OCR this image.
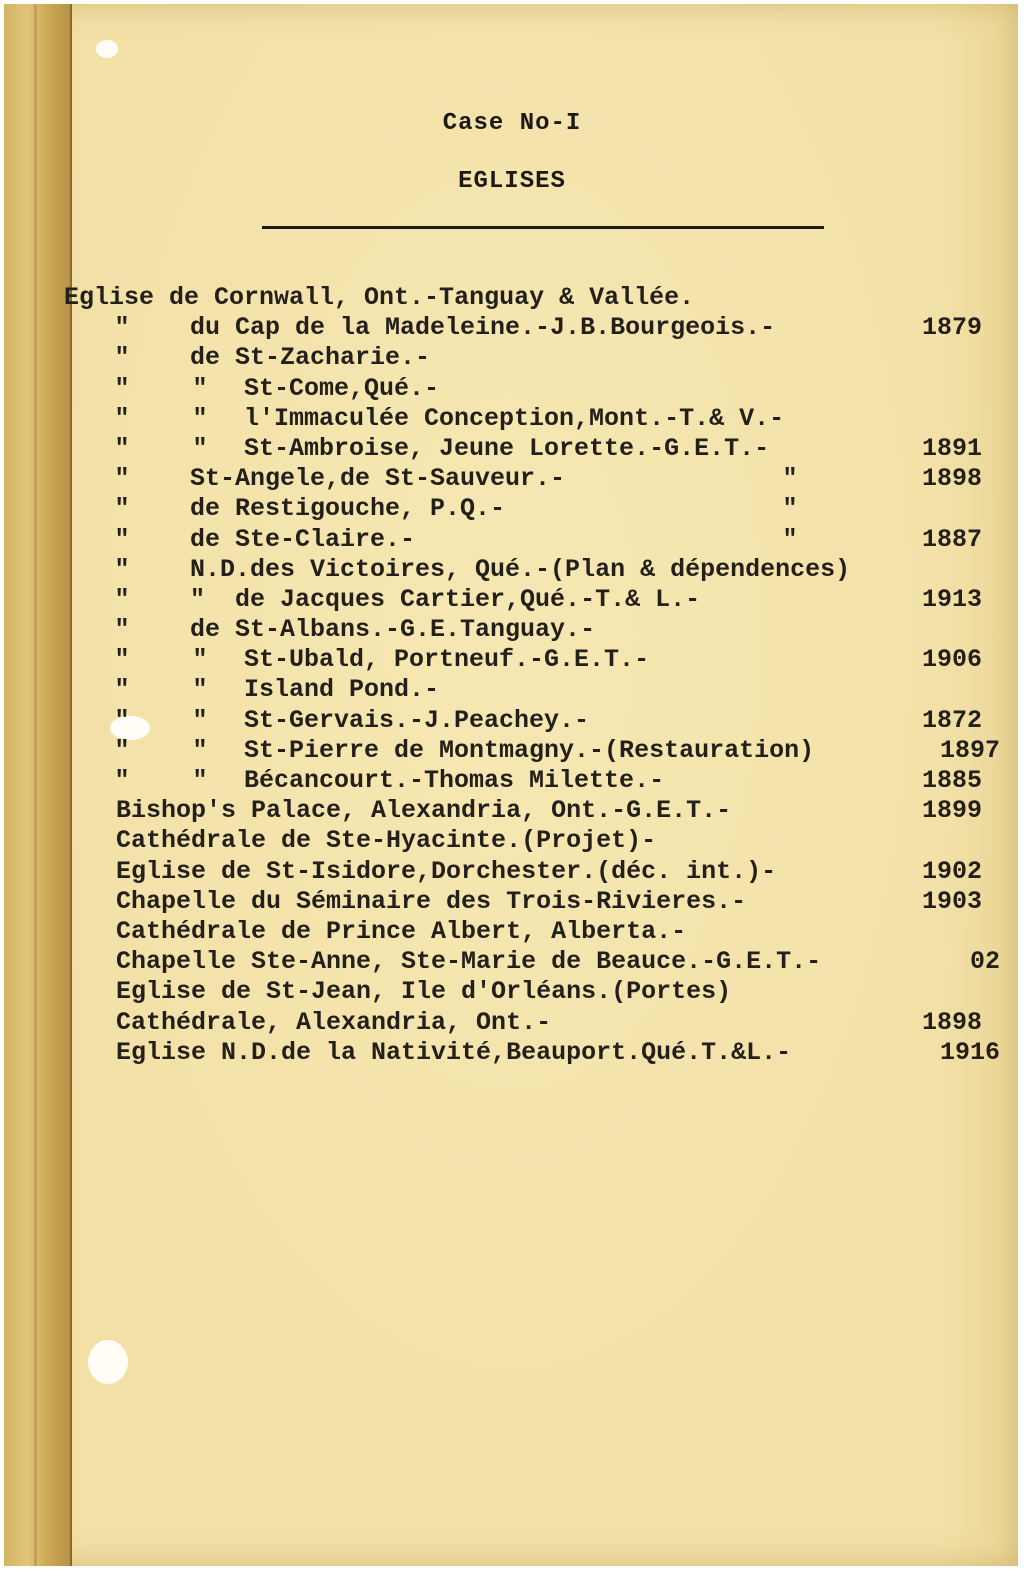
Case No-I
EGLISES
Eglise de Cornwall, Ont.-Tanguay & Vallée.
" du Cap de la Madeleine.-J.B.Bourgeois.-	1879
" de St-Zacharie.-
"	" St-Come,Qué.-
"	" l'Immaculée Conception,Mont.-T.& V.-
"	" St-Ambroise, Jeune Lorette.-G.E.T.-	1891
" St-Angele,de St-Sauveur.-	"	1898
" de Restigouche, P.Q.-	"
" de Ste-Claire.-	"	1887
" N.D.des Victoires, Qué.-(Plan & dépendences)
" "  de Jacques Cartier,Qué.-T.& L.-	1913
" de St-Albans.-G.E.Tanguay.-
"	" St-Ubald, Portneuf.-G.E.T.-	1906
"	" Island Pond.-
"	" St-Gervais.-J.Peachey.-	1872
"	" St-Pierre de Montmagny.-(Restauration)	1897
"	" Bécancourt.-Thomas Milette.-	1885
Bishop's Palace, Alexandria, Ont.-G.E.T.-	1899
Cathédrale de Ste-Hyacinte.(Projet)-
Eglise de St-Isidore,Dorchester.(déc. int.)-	1902
Chapelle du Séminaire des Trois-Rivieres.-	1903
Cathédrale de Prince Albert, Alberta.-
Chapelle Ste-Anne, Ste-Marie de Beauce.-G.E.T.-	02
Eglise de St-Jean, Ile d'Orléans.(Portes)
Cathédrale, Alexandria, Ont.-	1898
Eglise N.D.de la Nativité,Beauport.Qué.T.&L.-	1916
